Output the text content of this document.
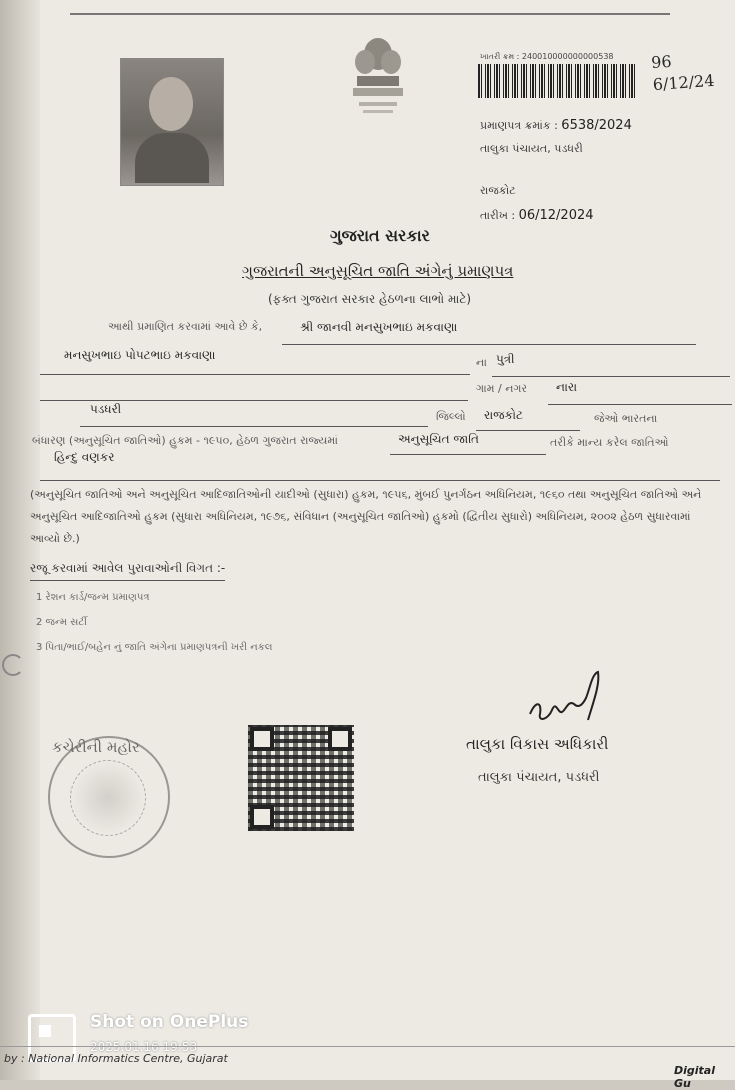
ખાતરી ક્રમ : 240010000000000538 96
6/12/24
પ્રમાણપત્ર ક્રમાંક : 6538/2024
તાલુકા પંચાયત, પડધરી
રાજકોટ
તારીખ : 06/12/2024
ગુજરાત સરકાર
ગુજરાતની અનુસૂચિત જાતિ અંગેનું પ્રમાણપત્ર
(ફક્ત ગુજરાત સરકાર હેઠળના લાભો માટે)
આથી પ્રમાણિત કરવામાં આવે છે કે,	શ્રી જાનવી મનસુખભાઇ મકવાણા
મનસુખભાઇ પોપટભાઇ મકવાણા
ના પુત્રી
ગામ / નગર નારા
પડધરી
જિલ્લો રાજકોટ	જેઓ ભારતના
બંધારણ (અનુસૂચિત જાતિઓ) હુકમ - ૧૯૫૦, હેઠળ ગુજરાત રાજ્યમાં	અનુસૂચિત જાતિ	તરીકે માન્ય કરેલ જાતિઓ
હિન્દુ વણકર
(અનુસૂચિત જાતિઓ અને અનુસૂચિત આદિજાતિઓની યાદીઓ (સુધારા) હુકમ, ૧૯૫૬, મુંબઈ પુનર્ગઠન અધિનિયમ, ૧૯૬૦ તથા અનુસૂચિત જાતિઓ અને અનુસૂચિત આદિજાતિઓ હુકમ (સુધારા અધિનિયમ, ૧૯૭૬, સંવિધાન (અનુસૂચિત જાતિઓ) હુકમો (દ્વિતીય સુધારો) અધિનિયમ, ૨૦૦૨ હેઠળ સુધારવામાં આવ્યો છે.)
રજૂ કરવામાં આવેલ પુરાવાઓની વિગત :-
1 રેશન કાર્ડ/જન્મ પ્રમાણપત્ર
2 જન્મ સર્ટી
3 પિતા/ભાઈ/બહેન નું જાતિ અંગેના પ્રમાણપત્રની ખરી નકલ
કચેરીની મહોર	તાલુકા વિકાસ અધિકારી
તાલુકા પંચાયત, પડધરી
Shot on OnePlus
2025.01.16 19:53
by : National Informatics Centre, Gujarat
Digital Gu
